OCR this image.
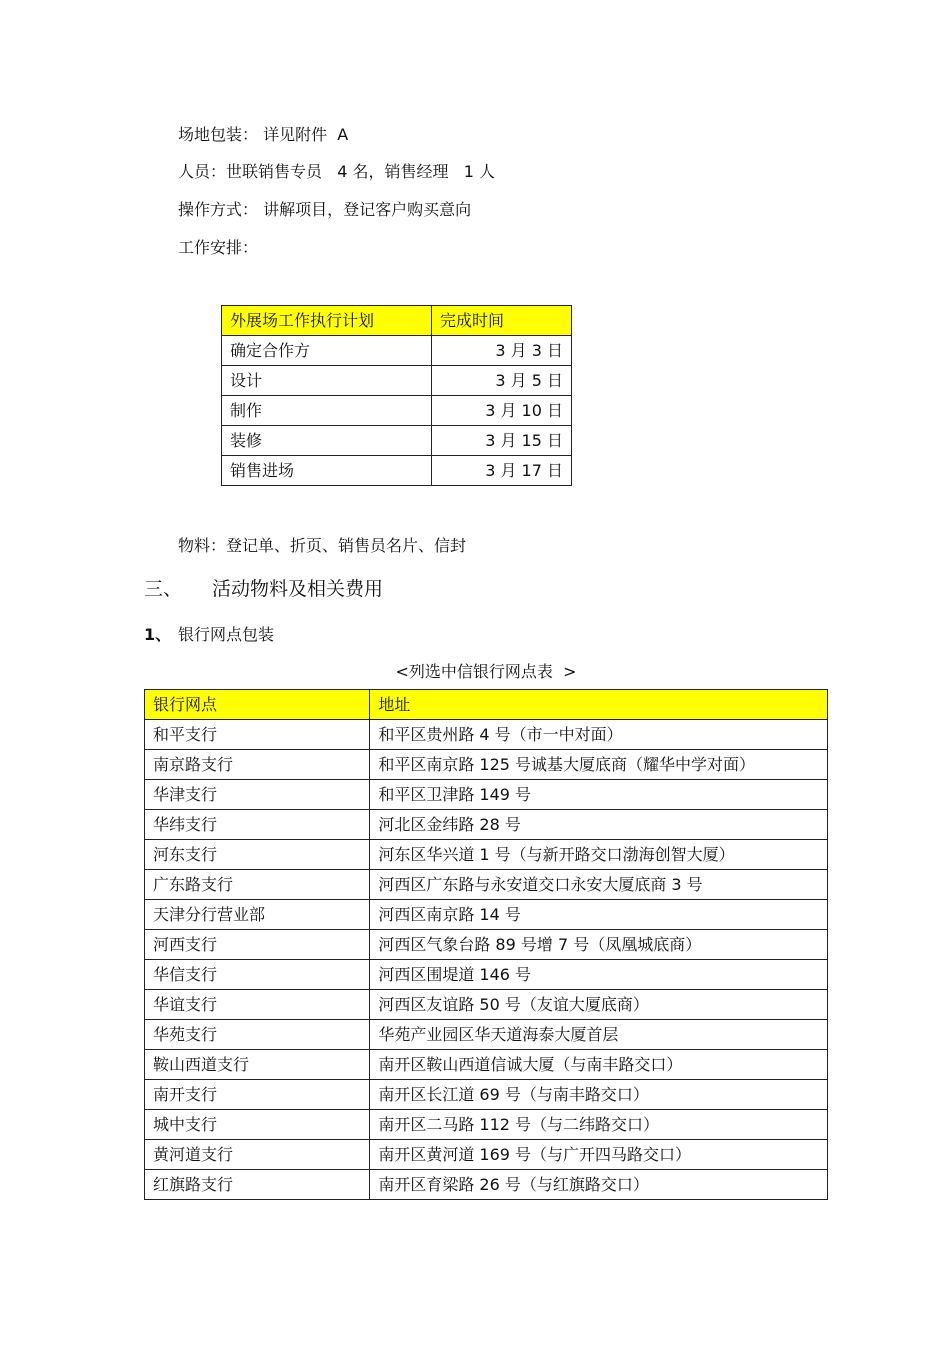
场地包装： 详见附件  A
人员：世联销售专员   4 名，销售经理   1 人
操作方式： 讲解项目，登记客户购买意向
工作安排：
外展场工作执行计划	完成时间
确定合作方	3 月 3 日
设计	3 月 5 日
制作	3 月 10 日
装修	3 月 15 日
销售进场	3 月 17 日
物料：登记单、折页、销售员名片、信封
三、 活动物料及相关费用
1、 银行网点包装
<列选中信银行网点表  >
银行网点	地址
和平支行	和平区贵州路 4 号（市一中对面）
南京路支行	和平区南京路 125 号诚基大厦底商（耀华中学对面）
华津支行	和平区卫津路 149 号
华纬支行	河北区金纬路 28 号
河东支行	河东区华兴道 1 号（与新开路交口渤海创智大厦）
广东路支行	河西区广东路与永安道交口永安大厦底商 3 号
天津分行营业部	河西区南京路 14 号
河西支行	河西区气象台路 89 号增 7 号（凤凰城底商）
华信支行	河西区围堤道 146 号
华谊支行	河西区友谊路 50 号（友谊大厦底商）
华苑支行	华苑产业园区华天道海泰大厦首层
鞍山西道支行	南开区鞍山西道信诚大厦（与南丰路交口）
南开支行	南开区长江道 69 号（与南丰路交口）
城中支行	南开区二马路 112 号（与二纬路交口）
黄河道支行	南开区黄河道 169 号（与广开四马路交口）
红旗路支行	南开区育梁路 26 号（与红旗路交口）
